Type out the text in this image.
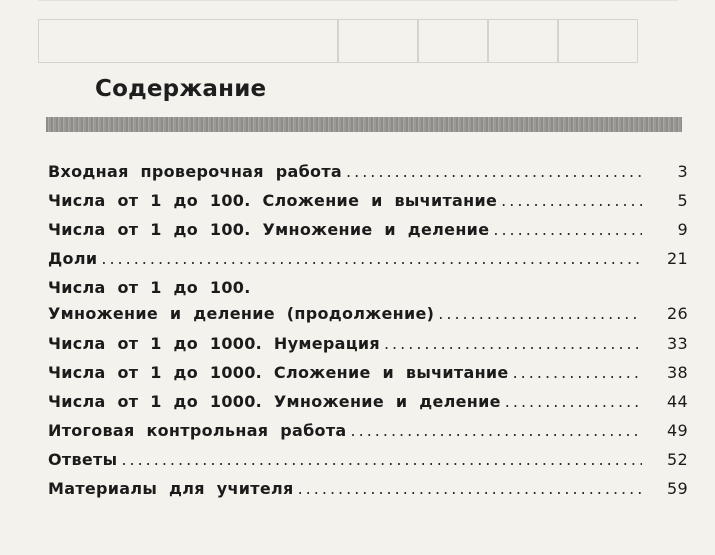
Содержание
Входная проверочная работа .....	3
Числа от 1 до 100. Сложение и вычитание .....	5
Числа от 1 до 100. Умножение и деление .....	9
Доли .....	21
Числа от 1 до 100.
Умножение и деление (продолжение) .....	26
Числа от 1 до 1000. Нумерация .....	33
Числа от 1 до 1000. Сложение и вычитание .....	38
Числа от 1 до 1000. Умножение и деление .....	44
Итоговая контрольная работа .....	49
Ответы .....	52
Материалы для учителя .....	59
